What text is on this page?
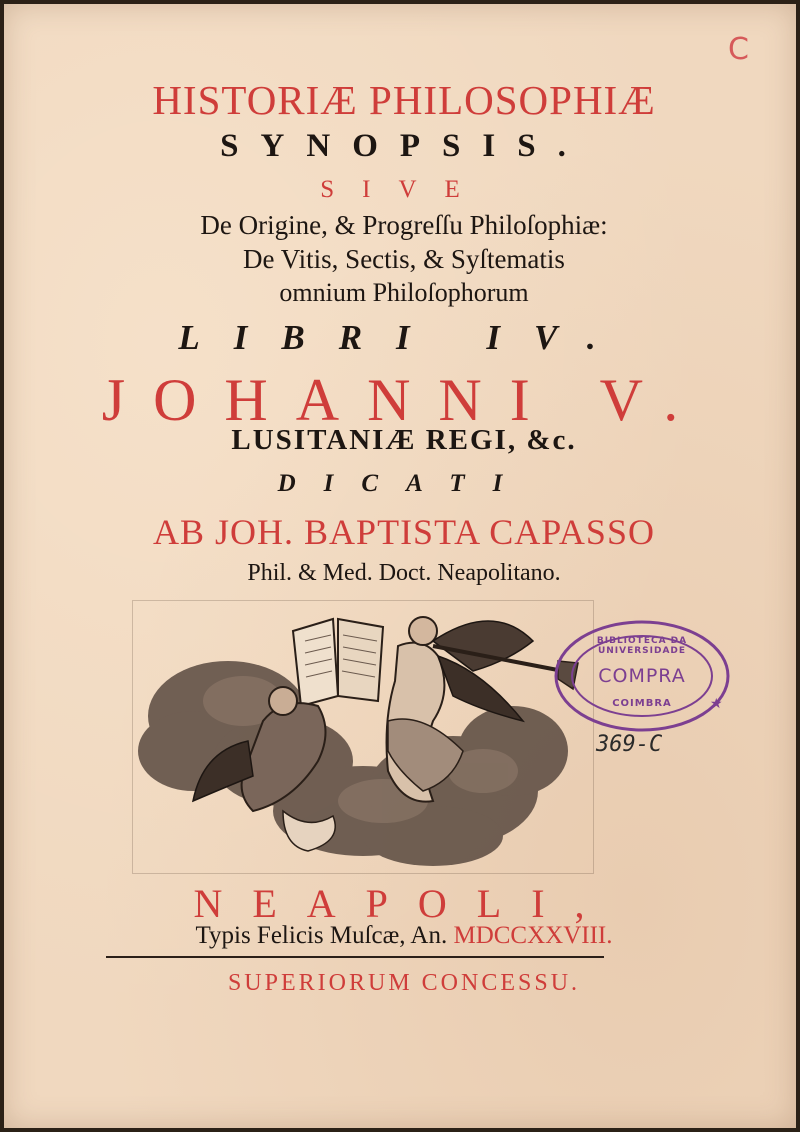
HISTORIÆ PHILOSOPHIÆ
SYNOPSIS.
SIVE
De Origine, & Progreſſu Philoſophiæ:
De Vitis, Sectis, & Syſtematis
omnium Philoſophorum
LIBRI IV.
JOHANNI V.
LUSITANIÆ REGI, &c.
DICATI
AB JOH. BAPTISTA CAPASSO
Phil. & Med. Doct. Neapolitano.
★
BIBLIOTECA DA UNIVERSIDADE
COMPRA
COIMBRA
369-C
C
NEAPOLI,
Typis Felicis Muſcæ, An. MDCCXXVIII.
SUPERIORUM CONCESSU.
